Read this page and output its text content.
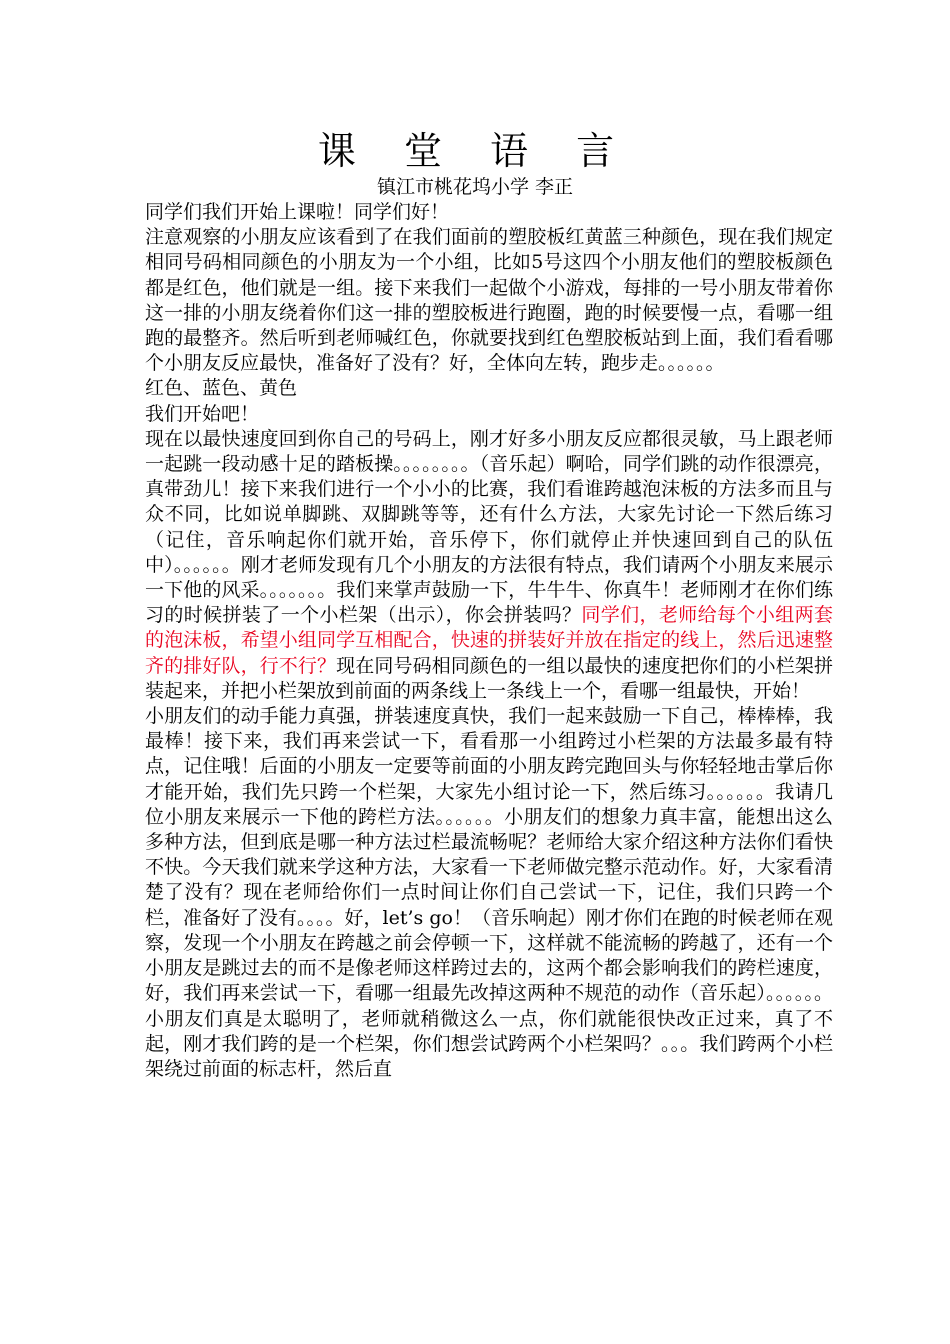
课 堂 语 言
镇江市桃花坞小学 李正

同学们我们开始上课啦！同学们好！

注意观察的小朋友应该看到了在我们面前的塑胶板红黄蓝三种颜色，现在我们规定相同号码相同颜色的小朋友为一个小组，比如5号这四个小朋友他们的塑胶板颜色都是红色，他们就是一组。接下来我们一起做个小游戏，每排的一号小朋友带着你这一排的小朋友绕着你们这一排的塑胶板进行跑圈，跑的时候要慢一点，看哪一组跑的最整齐。然后听到老师喊红色，你就要找到红色塑胶板站到上面，我们看看哪个小朋友反应最快，准备好了没有？好，全体向左转，跑步走。。。。。。

红色、蓝色、黄色

我们开始吧！

现在以最快速度回到你自己的号码上，刚才好多小朋友反应都很灵敏，马上跟老师一起跳一段动感十足的踏板操。。。。。。。。（音乐起）啊哈，同学们跳的动作很漂亮，真带劲儿！接下来我们进行一个小小的比赛，我们看谁跨越泡沫板的方法多而且与众不同，比如说单脚跳、双脚跳等等，还有什么方法，大家先讨论一下然后练习（记住，音乐响起你们就开始，音乐停下，你们就停止并快速回到自己的队伍中）。。。。。。刚才老师发现有几个小朋友的方法很有特点，我们请两个小朋友来展示一下他的风采。。。。。。。我们来掌声鼓励一下，牛牛牛、你真牛！老师刚才在你们练习的时候拼装了一个小栏架（出示），你会拼装吗？同学们，老师给每个小组两套的泡沫板，希望小组同学互相配合，快速的拼装好并放在指定的线上，然后迅速整齐的排好队，行不行？现在同号码相同颜色的一组以最快的速度把你们的小栏架拼装起来，并把小栏架放到前面的两条线上一条线上一个，看哪一组最快，开始！

小朋友们的动手能力真强，拼装速度真快，我们一起来鼓励一下自己，棒棒棒，我最棒！接下来，我们再来尝试一下，看看那一小组跨过小栏架的方法最多最有特点，记住哦！后面的小朋友一定要等前面的小朋友跨完跑回头与你轻轻地击掌后你才能开始，我们先只跨一个栏架，大家先小组讨论一下，然后练习。。。。。。我请几位小朋友来展示一下他的跨栏方法。。。。。。小朋友们的想象力真丰富，能想出这么多种方法，但到底是哪一种方法过栏最流畅呢？老师给大家介绍这种方法你们看快不快。今天我们就来学这种方法，大家看一下老师做完整示范动作。好，大家看清楚了没有？现在老师给你们一点时间让你们自己尝试一下，记住，我们只跨一个栏，准备好了没有。。。。好，let’s go！（音乐响起）刚才你们在跑的时候老师在观察，发现一个小朋友在跨越之前会停顿一下，这样就不能流畅的跨越了，还有一个小朋友是跳过去的而不是像老师这样跨过去的，这两个都会影响我们的跨栏速度，好，我们再来尝试一下，看哪一组最先改掉这两种不规范的动作（音乐起）。。。。。。小朋友们真是太聪明了，老师就稍微这么一点，你们就能很快改正过来，真了不起，刚才我们跨的是一个栏架，你们想尝试跨两个小栏架吗？。。。我们跨两个小栏架绕过前面的标志杆，然后直
